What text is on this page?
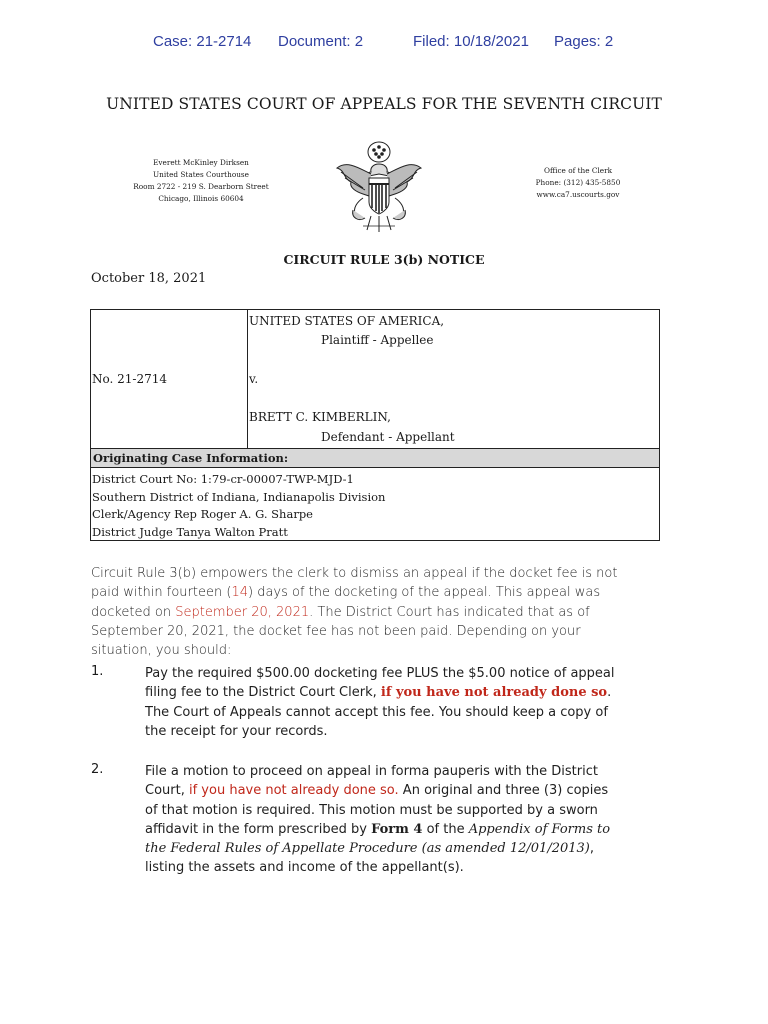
Case: 21-2714 Document: 2	Filed: 10/18/2021 Pages: 2
UNITED STATES COURT OF APPEALS FOR THE SEVENTH CIRCUIT
Everett McKinley Dirksen
United States Courthouse
Room 2722 - 219 S. Dearborn Street
Chicago, Illinois 60604
Office of the Clerk
Phone: (312) 435-5850
www.ca7.uscourts.gov
CIRCUIT RULE 3(b) NOTICE
October 18, 2021
No. 21-2714
UNITED STATES OF AMERICA,
Plaintiff - Appellee
v.
BRETT C. KIMBERLIN,
Defendant - Appellant
Originating Case Information:
District Court No: 1:79-cr-00007-TWP-MJD-1
Southern District of Indiana, Indianapolis Division
Clerk/Agency Rep Roger A. G. Sharpe
District Judge Tanya Walton Pratt
Circuit Rule 3(b) empowers the clerk to dismiss an appeal if the docket fee is not paid within fourteen (14) days of the docketing of the appeal. This appeal was docketed on September 20, 2021. The District Court has indicated that as of September 20, 2021, the docket fee has not been paid. Depending on your situation, you should:
1.	Pay the required $500.00 docketing fee PLUS the $5.00 notice of appeal filing fee to the District Court Clerk, if you have not already done so. The Court of Appeals cannot accept this fee. You should keep a copy of the receipt for your records.
2.	File a motion to proceed on appeal in forma pauperis with the District Court, if you have not already done so. An original and three (3) copies of that motion is required. This motion must be supported by a sworn affidavit in the form prescribed by Form 4 of the Appendix of Forms to the Federal Rules of Appellate Procedure (as amended 12/01/2013), listing the assets and income of the appellant(s).
